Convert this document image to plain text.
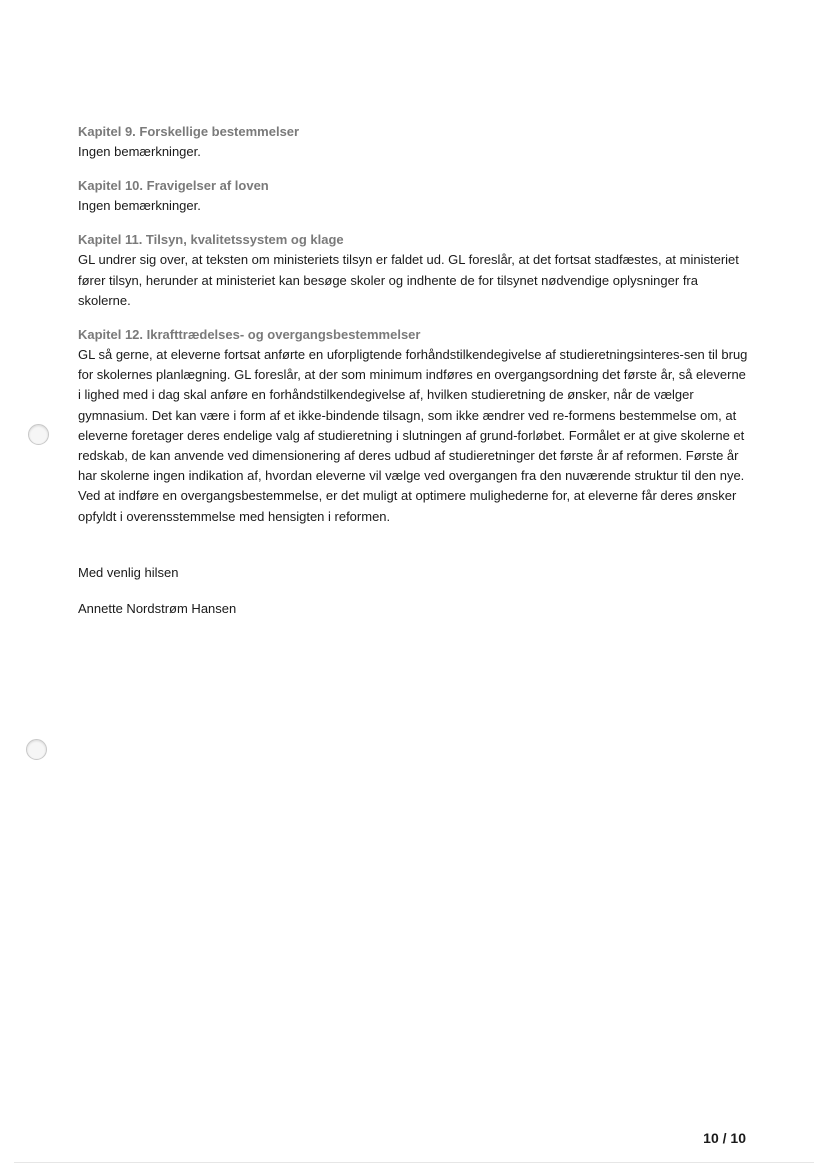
Kapitel 9. Forskellige bestemmelser

Ingen bemærkninger.

Kapitel 10. Fravigelser af loven

Ingen bemærkninger.

Kapitel 11. Tilsyn, kvalitetssystem og klage

GL undrer sig over, at teksten om ministeriets tilsyn er faldet ud. GL foreslår, at det fortsat stadfæstes, at ministeriet fører tilsyn, herunder at ministeriet kan besøge skoler og indhente de for tilsynet nødvendige oplysninger fra skolerne.

Kapitel 12. Ikrafttrædelses- og overgangsbestemmelser

GL så gerne, at eleverne fortsat anførte en uforpligtende forhåndstilkendegivelse af studieretningsinteres-sen til brug for skolernes planlægning. GL foreslår, at der som minimum indføres en overgangsordning det første år, så eleverne i lighed med i dag skal anføre en forhåndstilkendegivelse af, hvilken studieretning de ønsker, når de vælger gymnasium. Det kan være i form af et ikke-bindende tilsagn, som ikke ændrer ved re-formens bestemmelse om, at eleverne foretager deres endelige valg af studieretning i slutningen af grund-forløbet. Formålet er at give skolerne et redskab, de kan anvende ved dimensionering af deres udbud af studieretninger det første år af reformen. Første år har skolerne ingen indikation af, hvordan eleverne vil vælge ved overgangen fra den nuværende struktur til den nye. Ved at indføre en overgangsbestemmelse, er det muligt at optimere mulighederne for, at eleverne får deres ønsker opfyldt i overensstemmelse med hensigten i reformen.

Med venlig hilsen

Annette Nordstrøm Hansen

10 / 10
